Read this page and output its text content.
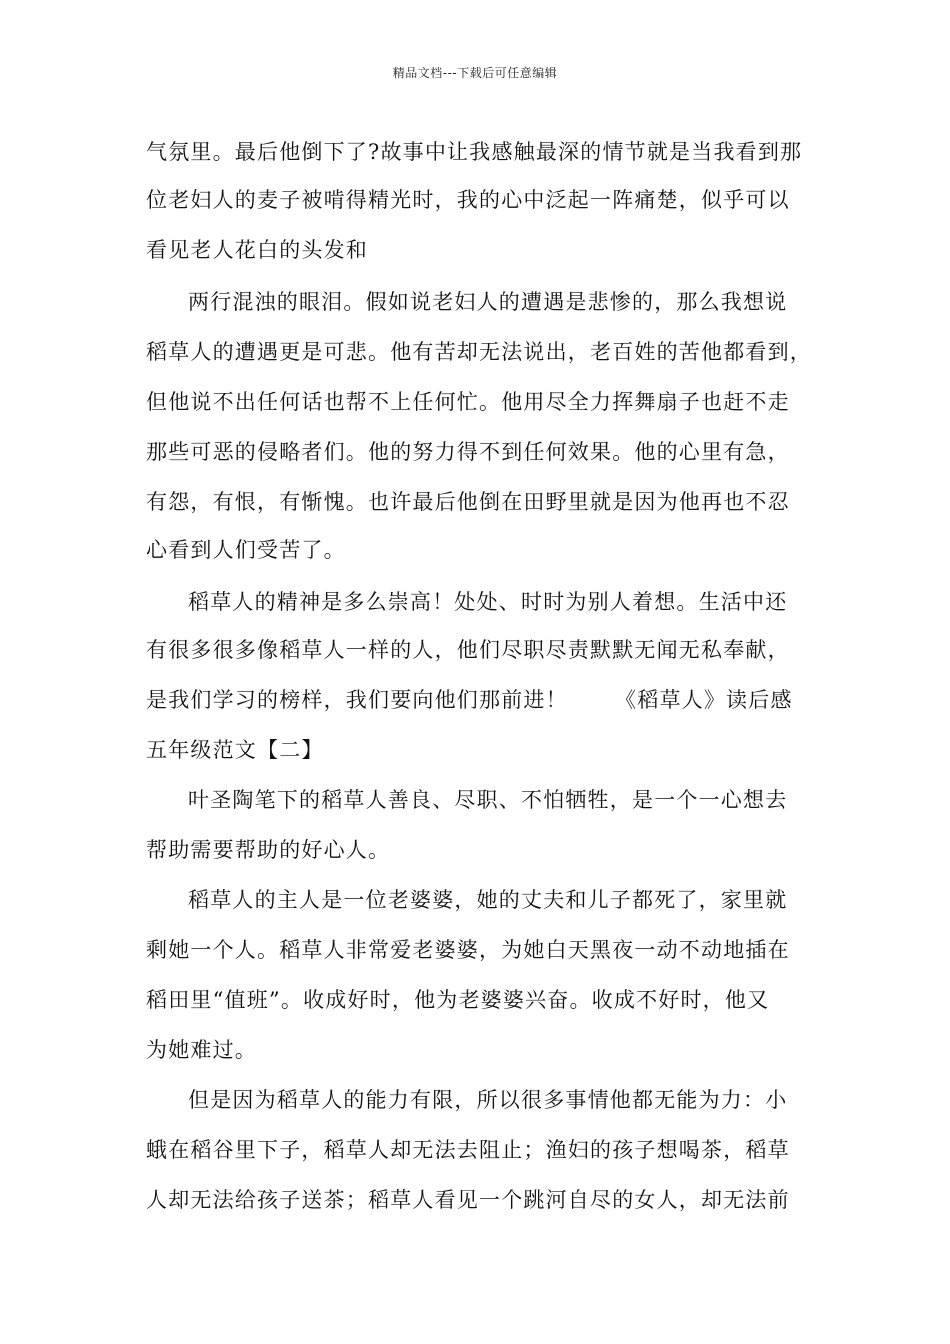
精品文档---下载后可任意编辑
气氛里。最后他倒下了?故事中让我感触最深的情节就是当我看到那
位老妇人的麦子被啃得精光时，我的心中泛起一阵痛楚，似乎可以
看见老人花白的头发和
两行混浊的眼泪。假如说老妇人的遭遇是悲惨的，那么我想说
稻草人的遭遇更是可悲。他有苦却无法说出，老百姓的苦他都看到，
但他说不出任何话也帮不上任何忙。他用尽全力挥舞扇子也赶不走
那些可恶的侵略者们。他的努力得不到任何效果。他的心里有急，
有怨，有恨，有惭愧。也许最后他倒在田野里就是因为他再也不忍
心看到人们受苦了。
稻草人的精神是多么崇高！处处、时时为别人着想。生活中还
有很多很多像稻草人一样的人，他们尽职尽责默默无闻无私奉献，
是我们学习的榜样，我们要向他们那前进！      《稻草人》读后感
五年级范文【二】
叶圣陶笔下的稻草人善良、尽职、不怕牺牲，是一个一心想去
帮助需要帮助的好心人。
稻草人的主人是一位老婆婆，她的丈夫和儿子都死了，家里就
剩她一个人。稻草人非常爱老婆婆，为她白天黑夜一动不动地插在
稻田里“值班”。收成好时，他为老婆婆兴奋。收成不好时，他又
为她难过。
但是因为稻草人的能力有限，所以很多事情他都无能为力：小
蛾在稻谷里下子，稻草人却无法去阻止；渔妇的孩子想喝茶，稻草
人却无法给孩子送茶；稻草人看见一个跳河自尽的女人，却无法前
